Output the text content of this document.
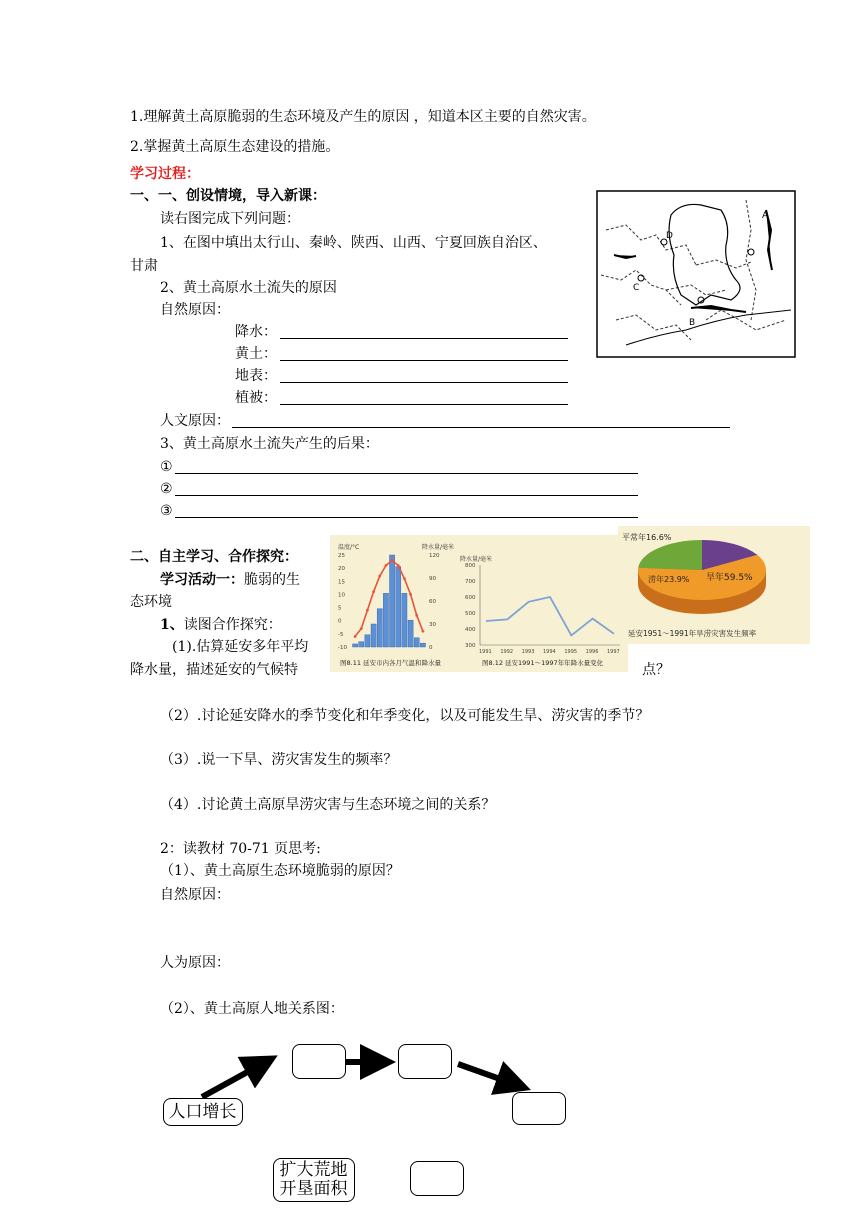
1.理解黄土高原脆弱的生态环境及产生的原因 ，知道本区主要的自然灾害。
2.掌握黄土高原生态建设的措施。
学习过程：
一、一、创设情境，导入新课：
读右图完成下列问题：
1、在图中填出太行山、秦岭、陕西、山西、宁夏回族自治区、
甘肃
2、黄土高原水土流失的原因
自然原因：
降水：
黄土：
地表：
植被：
人文原因：
3、黄土高原水土流失产生的后果：
①
②
③
A
B
C
D
二、自主学习、合作探究：
学习活动一：脆弱的生
态环境
1、读图合作探究：
(1).估算延安多年平均
降水量，描述延安的气候特	点？
温度/°C	降水量/毫米
25
20
15
10
5
0
-5
-10
120
90
60
30
0
图8.11 延安市内各月气温和降水量
降水量/毫米
800
700
600
500
400
300
1991 1992 1993 1994 1995 1996 1997
图8.12 延安1991～1997年年降水量变化
平常年16.6%
涝年23.9% 旱年59.5%
延安1951～1991年旱涝灾害发生频率
（2）.讨论延安降水的季节变化和年季变化，以及可能发生旱、涝灾害的季节？
（3）.说一下旱、涝灾害发生的频率？
（4）.讨论黄土高原旱涝灾害与生态环境之间的关系？
2：读教材 70-71 页思考:
（1）、黄土高原生态环境脆弱的原因？
自然原因：
人为原因：
（2）、黄土高原人地关系图：
人口增长
扩大荒地
开垦面积
